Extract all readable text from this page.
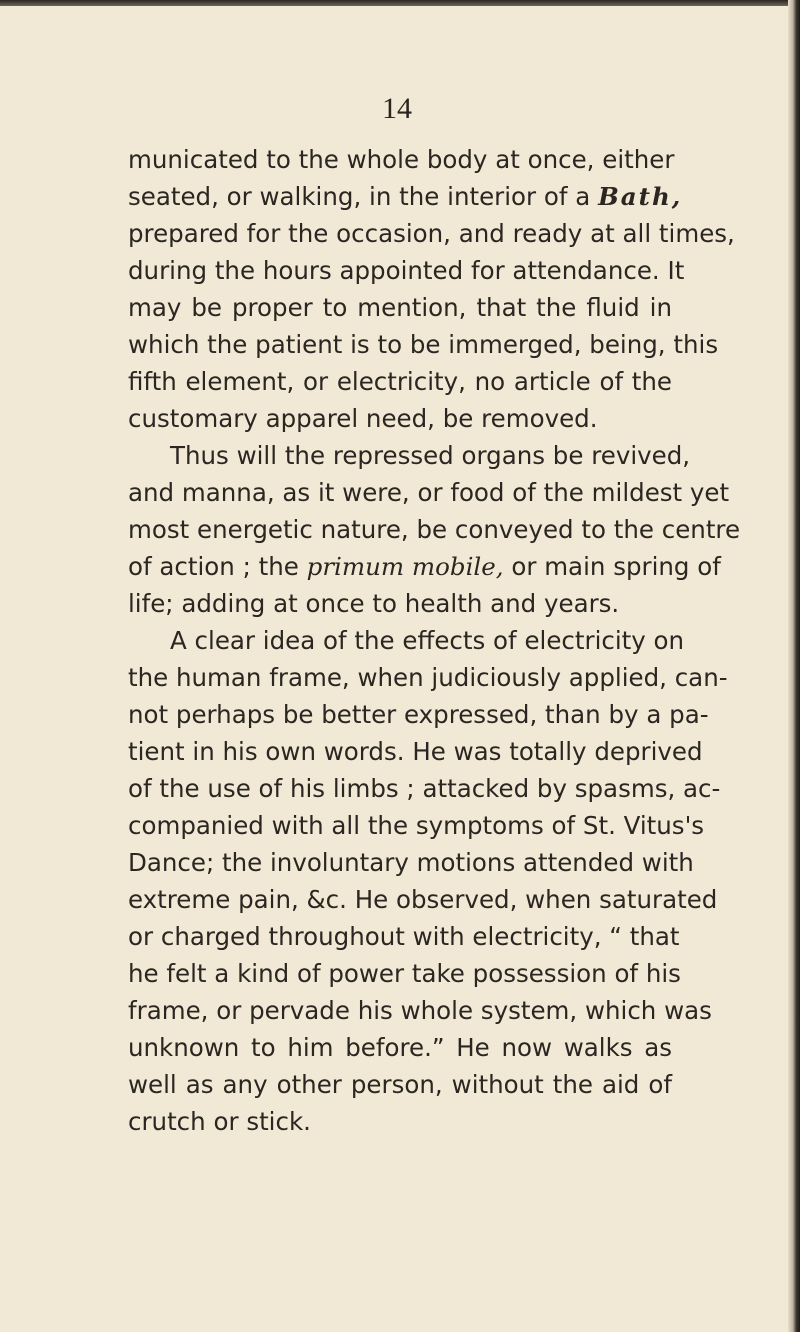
14
municated to the whole body at once, either
seated, or walking, in the interior of a Bath,
prepared for the occasion, and ready at all times,
during the hours appointed for attendance. It
may be proper to mention, that the fluid in
which the patient is to be immerged, being, this
fifth element, or electricity, no article of the
customary apparel need, be removed.
Thus will the repressed organs be revived,
and manna, as it were, or food of the mildest yet
most energetic nature, be conveyed to the centre
of action ; the primum mobile, or main spring of
life; adding at once to health and years.
A clear idea of the effects of electricity on
the human frame, when judiciously applied, can-
not perhaps be better expressed, than by a pa-
tient in his own words. He was totally deprived
of the use of his limbs ; attacked by spasms, ac-
companied with all the symptoms of St. Vitus's
Dance; the involuntary motions attended with
extreme pain, &c. He observed, when saturated
or charged throughout with electricity, “ that
he felt a kind of power take possession of his
frame, or pervade his whole system, which was
unknown to him before.” He now walks as
well as any other person, without the aid of
crutch or stick.
